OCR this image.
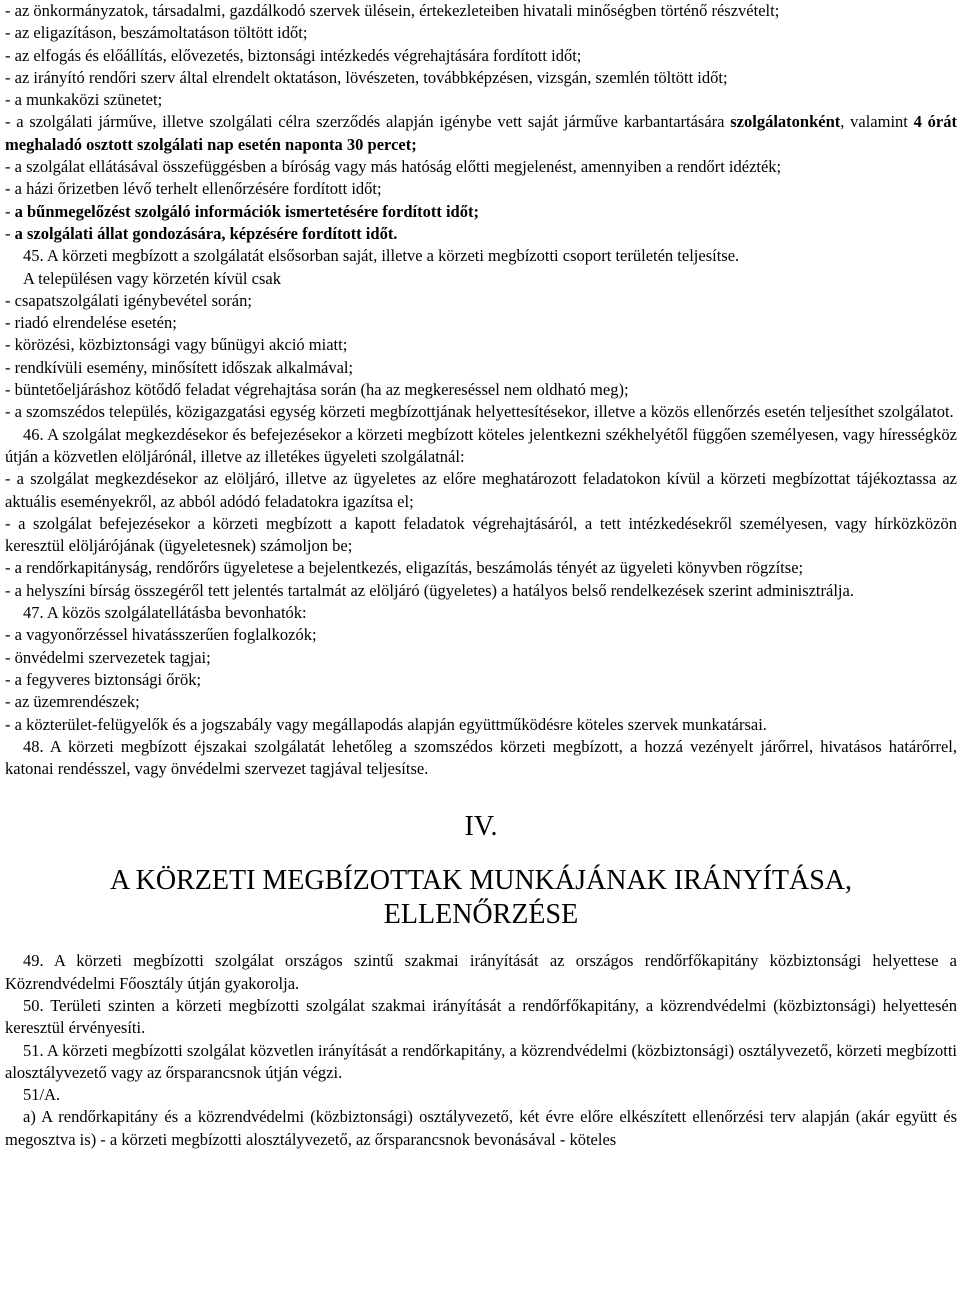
- az önkormányzatok, társadalmi, gazdálkodó szervek ülésein, értekezleteiben hivatali minőségben történő részvételt;

- az eligazításon, beszámoltatáson töltött időt;

- az elfogás és előállítás, elővezetés, biztonsági intézkedés végrehajtására fordított időt;

- az irányító rendőri szerv által elrendelt oktatáson, lövészeten, továbbképzésen, vizsgán, szemlén töltött időt;

- a munkaközi szünetet;

- a szolgálati járműve, illetve szolgálati célra szerződés alapján igénybe vett saját járműve karbantartására szolgálatonként, valamint 4 órát meghaladó osztott szolgálati nap esetén naponta 30 percet;

- a szolgálat ellátásával összefüggésben a bíróság vagy más hatóság előtti megjelenést, amennyiben a rendőrt idézték;

- a házi őrizetben lévő terhelt ellenőrzésére fordított időt;

- a bűnmegelőzést szolgáló információk ismertetésére fordított időt;

- a szolgálati állat gondozására, képzésére fordított időt.

45. A körzeti megbízott a szolgálatát elsősorban saját, illetve a körzeti megbízotti csoport területén teljesítse.

A településen vagy körzetén kívül csak

- csapatszolgálati igénybevétel során;

- riadó elrendelése esetén;

- körözési, közbiztonsági vagy bűnügyi akció miatt;

- rendkívüli esemény, minősített időszak alkalmával;

- büntetőeljáráshoz kötődő feladat végrehajtása során (ha az megkereséssel nem oldható meg);

- a szomszédos település, közigazgatási egység körzeti megbízottjának helyettesítésekor, illetve a közös ellenőrzés esetén teljesíthet szolgálatot.

46. A szolgálat megkezdésekor és befejezésekor a körzeti megbízott köteles jelentkezni székhelyétől függően személyesen, vagy hírességköz útján a közvetlen elöljárónál, illetve az illetékes ügyeleti szolgálatnál:

- a szolgálat megkezdésekor az elöljáró, illetve az ügyeletes az előre meghatározott feladatokon kívül a körzeti megbízottat tájékoztassa az aktuális eseményekről, az abból adódó feladatokra igazítsa el;

- a szolgálat befejezésekor a körzeti megbízott a kapott feladatok végrehajtásáról, a tett intézkedésekről személyesen, vagy hírközközön keresztül elöljárójának (ügyeletesnek) számoljon be;

- a rendőrkapitányság, rendőrőrs ügyeletese a bejelentkezés, eligazítás, beszámolás tényét az ügyeleti könyvben rögzítse;

- a helyszíni bírság összegéről tett jelentés tartalmát az elöljáró (ügyeletes) a hatályos belső rendelkezések szerint adminisztrálja.

47. A közös szolgálatellátásba bevonhatók:

- a vagyonőrzéssel hivatásszerűen foglalkozók;

- önvédelmi szervezetek tagjai;

- a fegyveres biztonsági őrök;

- az üzemrendészek;

- a közterület-felügyelők és a jogszabály vagy megállapodás alapján együttműködésre köteles szervek munkatársai.

48. A körzeti megbízott éjszakai szolgálatát lehetőleg a szomszédos körzeti megbízott, a hozzá vezényelt járőrrel, hivatásos határőrrel, katonai rendésszel, vagy önvédelmi szervezet tagjával teljesítse.

IV.

A KÖRZETI MEGBÍZOTTAK MUNKÁJÁNAK IRÁNYÍTÁSA,

ELLENŐRZÉSE

49. A körzeti megbízotti szolgálat országos szintű szakmai irányítását az országos rendőrfőkapitány közbiztonsági helyettese a Közrendvédelmi Főosztály útján gyakorolja.

50. Területi szinten a körzeti megbízotti szolgálat szakmai irányítását a rendőrfőkapitány, a közrendvédelmi (közbiztonsági) helyettesén keresztül érvényesíti.

51. A körzeti megbízotti szolgálat közvetlen irányítását a rendőrkapitány, a közrendvédelmi (közbiztonsági) osztályvezető, körzeti megbízotti alosztályvezető vagy az őrsparancsnok útján végzi.

51/A.

a) A rendőrkapitány és a közrendvédelmi (közbiztonsági) osztályvezető, két évre előre elkészített ellenőrzési terv alapján (akár együtt és megosztva is) - a körzeti megbízotti alosztályvezető, az őrsparancsnok bevonásával - köteles
